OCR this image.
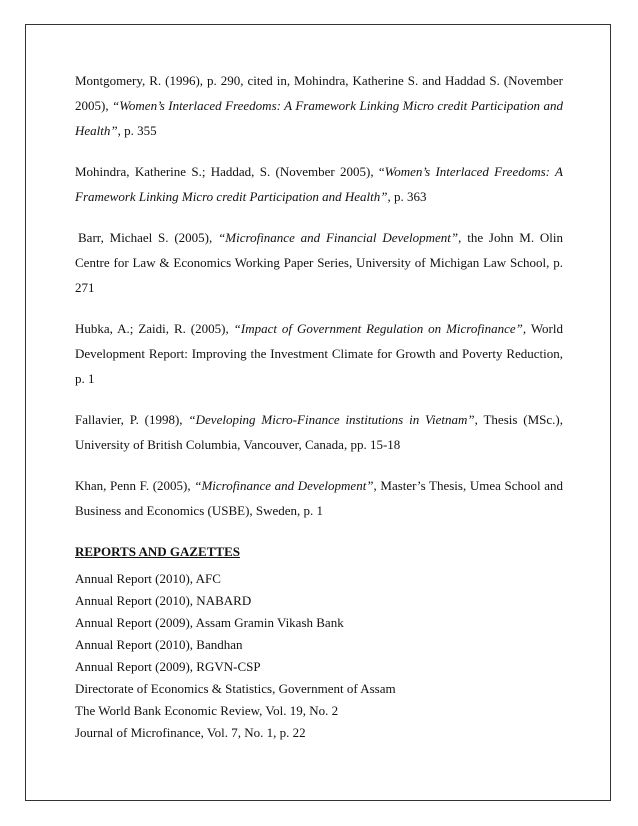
Montgomery, R. (1996), p. 290, cited in, Mohindra, Katherine S. and Haddad S. (November 2005), “Women’s Interlaced Freedoms: A Framework Linking Micro credit Participation and Health”, p. 355

Mohindra, Katherine S.; Haddad, S. (November 2005), “Women’s Interlaced Freedoms: A Framework Linking Micro credit Participation and Health”, p. 363

Barr, Michael S. (2005), “Microfinance and Financial Development”, the John M. Olin Centre for Law & Economics Working Paper Series, University of Michigan Law School, p. 271

Hubka, A.; Zaidi, R. (2005), “Impact of Government Regulation on Microfinance”, World Development Report: Improving the Investment Climate for Growth and Poverty Reduction, p. 1

Fallavier, P. (1998), “Developing Micro-Finance institutions in Vietnam”, Thesis (MSc.), University of British Columbia, Vancouver, Canada, pp. 15-18

Khan, Penn F. (2005), “Microfinance and Development”, Master’s Thesis, Umea School and Business and Economics (USBE), Sweden, p. 1

REPORTS AND GAZETTES
Annual Report (2010), AFC
Annual Report (2010), NABARD
Annual Report (2009), Assam Gramin Vikash Bank
Annual Report (2010), Bandhan
Annual Report (2009), RGVN-CSP
Directorate of Economics & Statistics, Government of Assam
The World Bank Economic Review, Vol. 19, No. 2
Journal of Microfinance, Vol. 7, No. 1, p. 22
